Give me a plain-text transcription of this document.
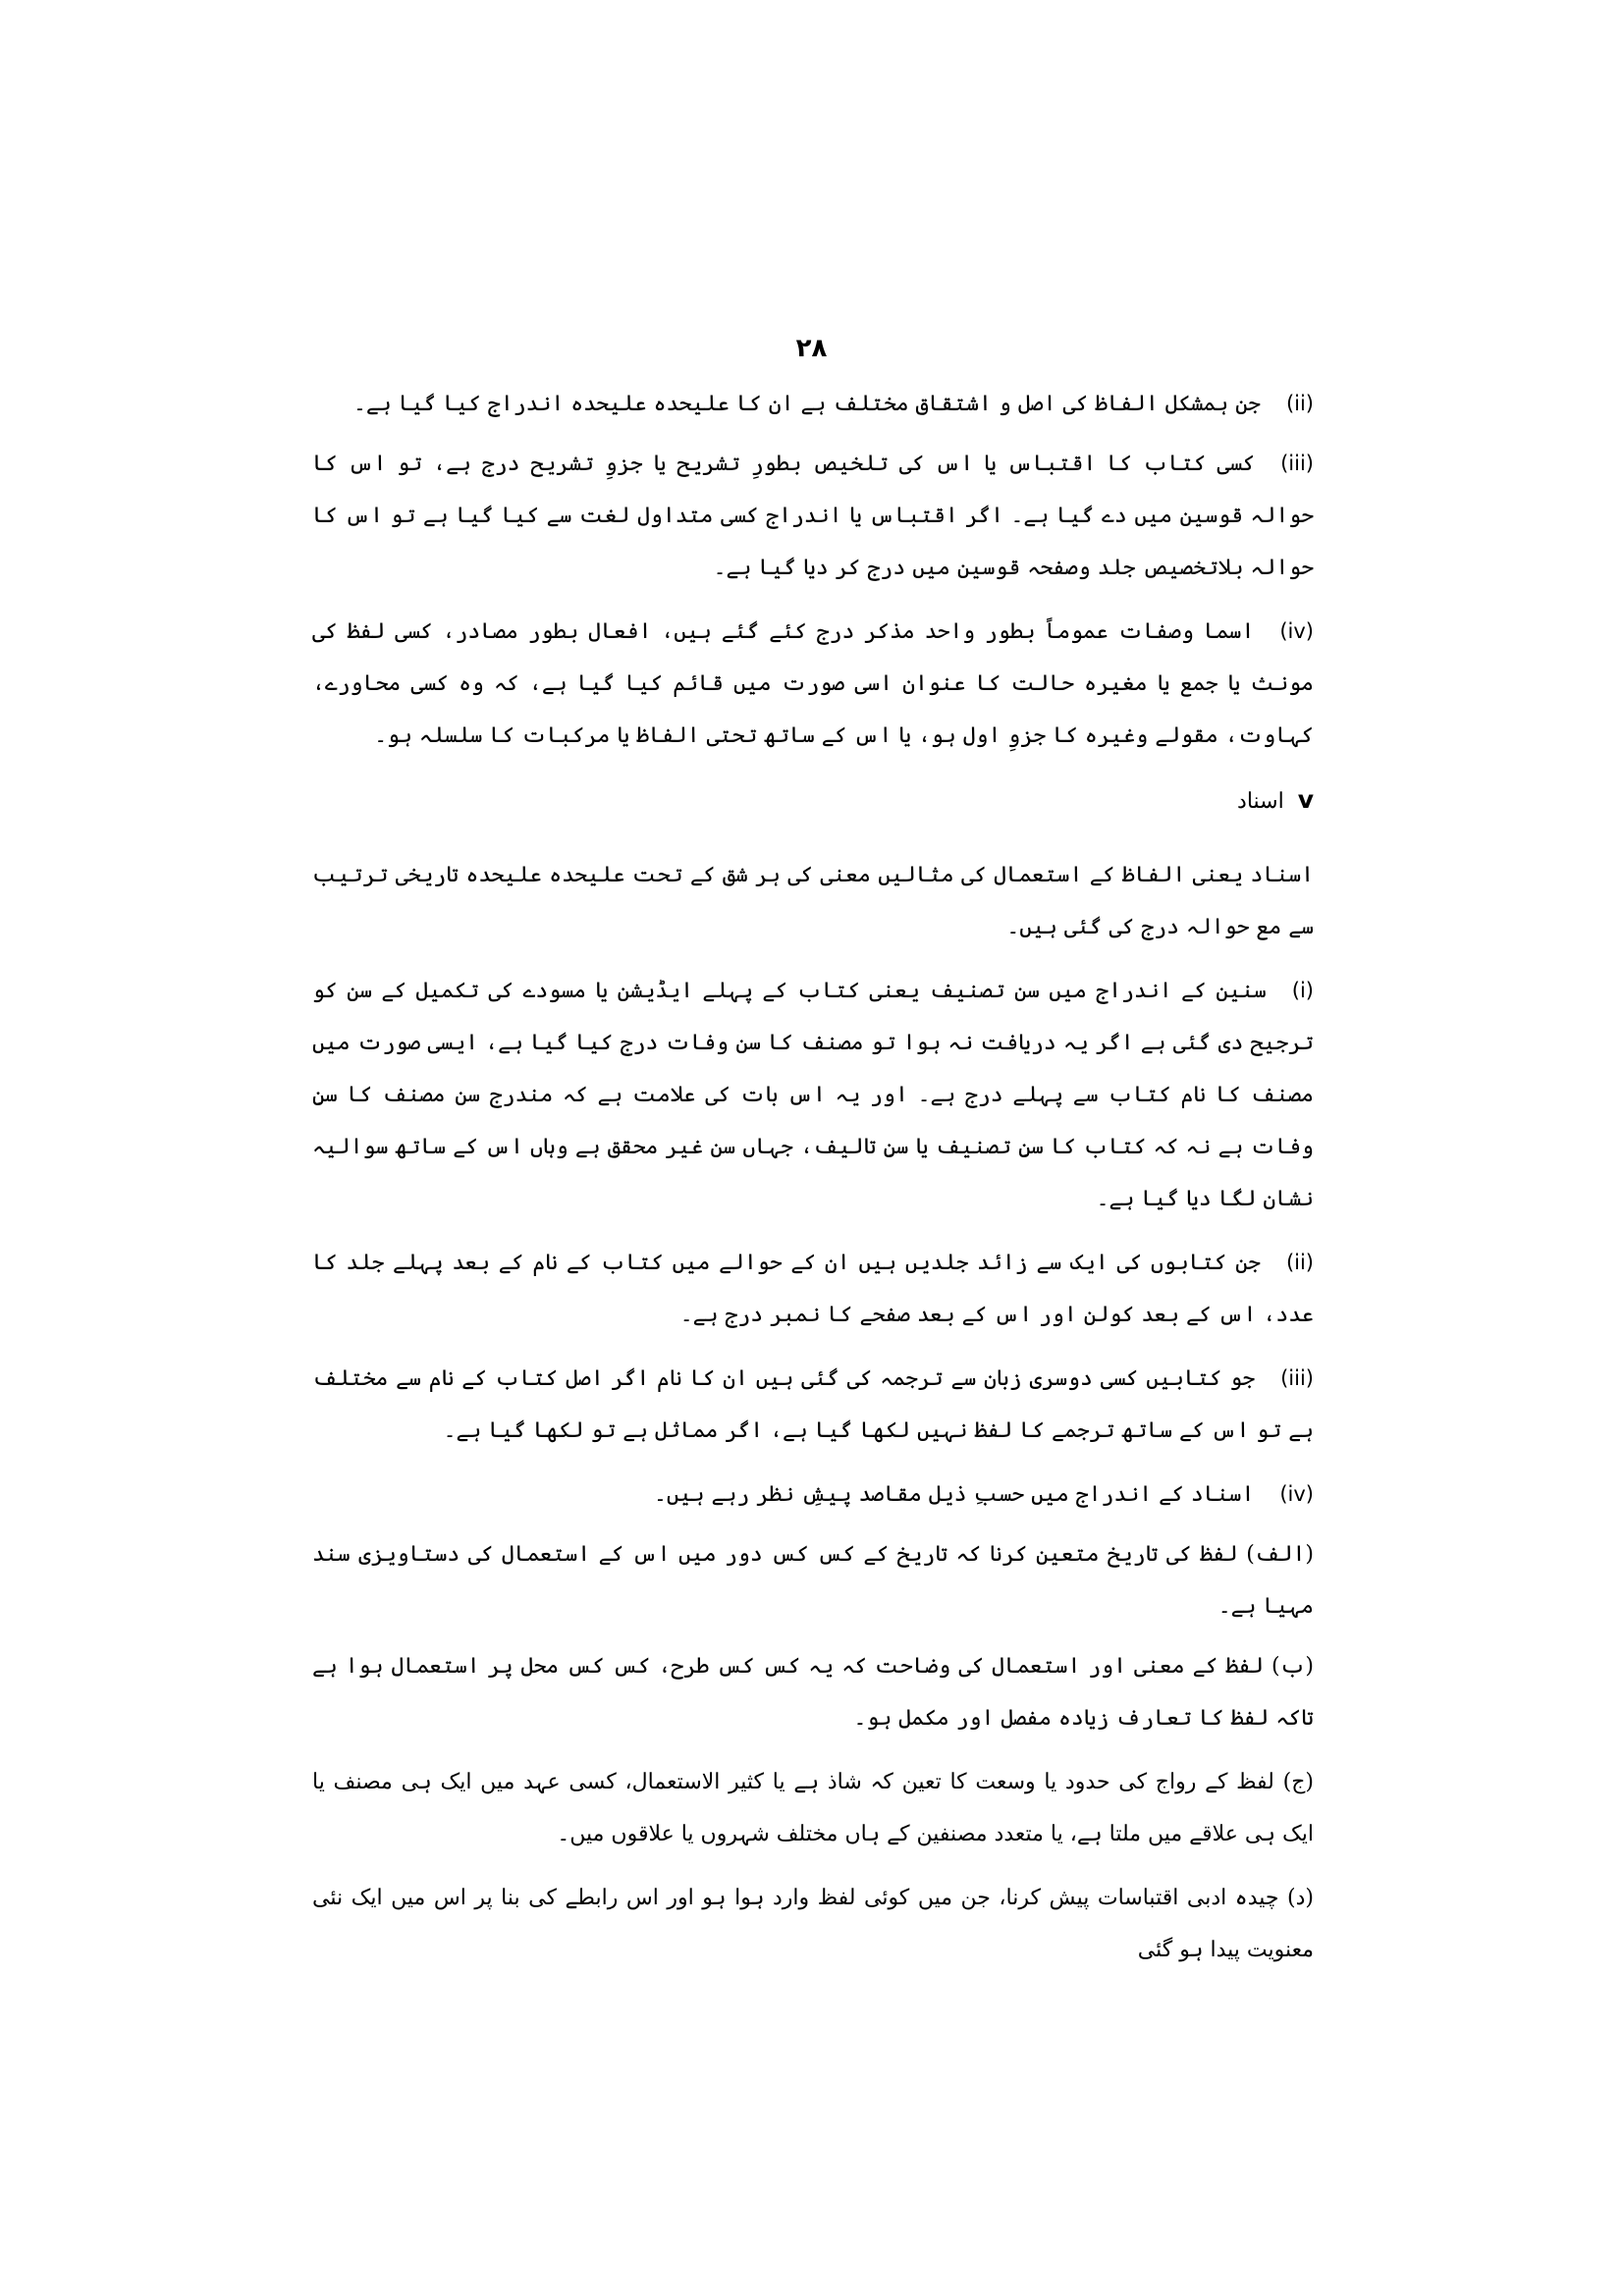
۲۸

(ii)جن ہمشکل الفاظ کی اصل و اشتقاق مختلف ہے ان کا علیحدہ علیحدہ اندراج کیا گیا ہے۔

(iii)کسی کتاب کا اقتباس یا اس کی تلخیص بطورِ تشریح یا جزوِ تشریح درج ہے، تو اس کا حوالہ قوسین میں دے گیا ہے۔ اگر اقتباس یا اندراج کسی متداول لغت سے کیا گیا ہے تو اس کا حوالہ بلاتخصیص جلد وصفحہ قوسین میں درج کر دیا گیا ہے۔

(iv)اسما وصفات عموماً بطور واحد مذکر درج کئے گئے ہیں، افعال بطور مصادر، کسی لفظ کی مونث یا جمع یا مغیرہ حالت کا عنوان اسی صورت میں قائم کیا گیا ہے، کہ وہ کسی محاورے، کہاوت، مقولے وغیرہ کا جزوِ اول ہو، یا اس کے ساتھ تحتی الفاظ یا مرکبات کا سلسلہ ہو۔

vاسناد

اسناد یعنی الفاظ کے استعمال کی مثالیں معنی کی ہر شق کے تحت علیحدہ علیحدہ تاریخی ترتیب سے مع حوالہ درج کی گئی ہیں۔

(i)سنین کے اندراج میں سن تصنیف یعنی کتاب کے پہلے ایڈیشن یا مسودے کی تکمیل کے سن کو ترجیح دی گئی ہے اگر یہ دریافت نہ ہوا تو مصنف کا سن وفات درج کیا گیا ہے، ایسی صورت میں مصنف کا نام کتاب سے پہلے درج ہے۔ اور یہ اس بات کی علامت ہے کہ مندرج سن مصنف کا سنِ وفات ہے نہ کہ کتاب کا سنِ تصنیف یا سنِ تالیف، جہاں سن غیر محقق ہے وہاں اس کے ساتھ سوالیہ نشان لگا دیا گیا ہے۔

(ii)جن کتابوں کی ایک سے زائد جلدیں ہیں ان کے حوالے میں کتاب کے نام کے بعد پہلے جلد کا عدد، اس کے بعد کولن اور اس کے بعد صفحے کا نمبر درج ہے۔

(iii)جو کتابیں کسی دوسری زبان سے ترجمہ کی گئی ہیں ان کا نام اگر اصل کتاب کے نام سے مختلف ہے تو اس کے ساتھ ترجمے کا لفظ نہیں لکھا گیا ہے، اگر مماثل ہے تو لکھا گیا ہے۔

(iv)اسناد کے اندراج میں حسبِ ذیل مقاصد پیشِ نظر رہے ہیں۔

(الف) لفظ کی تاریخ متعین کرنا کہ تاریخ کے کس کس دور میں اس کے استعمال کی دستاویزی سند مہیا ہے۔

(ب) لفظ کے معنی اور استعمال کی وضاحت کہ یہ کس کس طرح، کس کس محل پر استعمال ہوا ہے تاکہ لفظ کا تعارف زیادہ مفصل اور مکمل ہو۔

(ج) لفظ کے رواج کی حدود یا وسعت کا تعین کہ شاذ ہے یا کثیر الاستعمال، کسی عہد میں ایک ہی مصنف یا ایک ہی علاقے میں ملتا ہے، یا متعدد مصنفین کے ہاں مختلف شہروں یا علاقوں میں۔

(د) چیدہ ادبی اقتباسات پیش کرنا، جن میں کوئی لفظ وارد ہوا ہو اور اس رابطے کی بنا پر اس میں ایک نئی معنویت پیدا ہو گئی
